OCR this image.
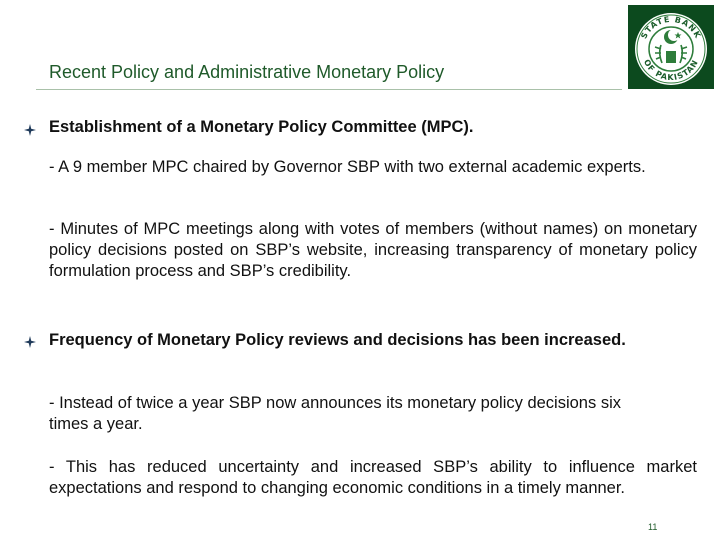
Recent Policy and Administrative Monetary Policy
STATE BANK
OF PAKISTAN
Establishment of a Monetary Policy Committee (MPC).
- A 9 member MPC chaired by Governor SBP with two external academic experts.
- Minutes of MPC meetings along with votes of members (without names) on monetary policy decisions posted on SBP’s website, increasing transparency of monetary policy formulation process and SBP’s credibility.
Frequency of Monetary Policy reviews and decisions has been increased.
- Instead of twice a year SBP now announces its monetary policy decisions six times a year.
- This has reduced uncertainty and increased SBP’s ability to influence market expectations and respond to changing economic conditions in a timely manner.
11
